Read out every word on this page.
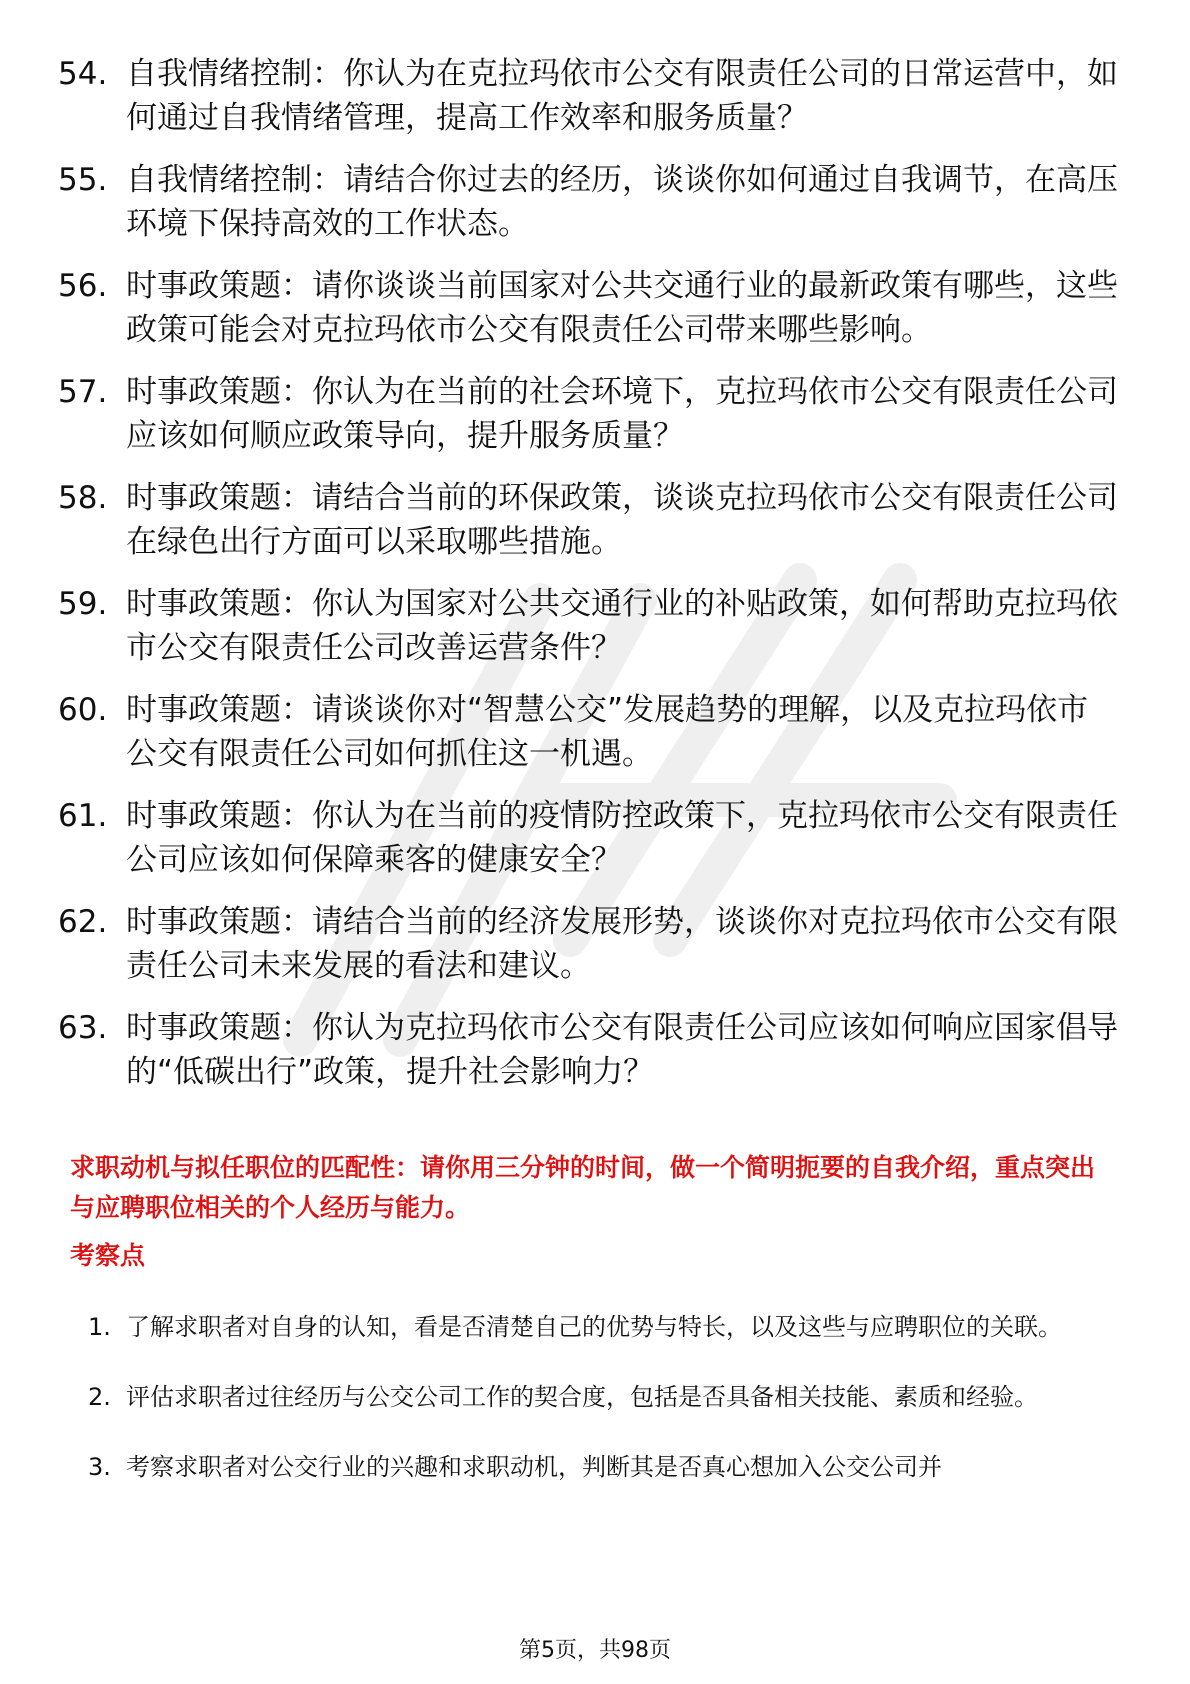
54. 自我情绪控制：你认为在克拉玛依市公交有限责任公司的日常运营中，如何通过自我情绪管理，提高工作效率和服务质量？
55. 自我情绪控制：请结合你过去的经历，谈谈你如何通过自我调节，在高压环境下保持高效的工作状态。
56. 时事政策题：请你谈谈当前国家对公共交通行业的最新政策有哪些，这些政策可能会对克拉玛依市公交有限责任公司带来哪些影响。
57. 时事政策题：你认为在当前的社会环境下，克拉玛依市公交有限责任公司应该如何顺应政策导向，提升服务质量？
58. 时事政策题：请结合当前的环保政策，谈谈克拉玛依市公交有限责任公司在绿色出行方面可以采取哪些措施。
59. 时事政策题：你认为国家对公共交通行业的补贴政策，如何帮助克拉玛依市公交有限责任公司改善运营条件？
60. 时事政策题：请谈谈你对“智慧公交”发展趋势的理解，以及克拉玛依市公交有限责任公司如何抓住这一机遇。
61. 时事政策题：你认为在当前的疫情防控政策下，克拉玛依市公交有限责任公司应该如何保障乘客的健康安全？
62. 时事政策题：请结合当前的经济发展形势，谈谈你对克拉玛依市公交有限责任公司未来发展的看法和建议。
63. 时事政策题：你认为克拉玛依市公交有限责任公司应该如何响应国家倡导的“低碳出行”政策，提升社会影响力？
求职动机与拟任职位的匹配性：请你用三分钟的时间，做一个简明扼要的自我介绍，重点突出与应聘职位相关的个人经历与能力。
考察点
1. 了解求职者对自身的认知，看是否清楚自己的优势与特长，以及这些与应聘职位的关联。
2. 评估求职者过往经历与公交公司工作的契合度，包括是否具备相关技能、素质和经验。
3. 考察求职者对公交行业的兴趣和求职动机，判断其是否真心想加入公交公司并
第5页，共98页
